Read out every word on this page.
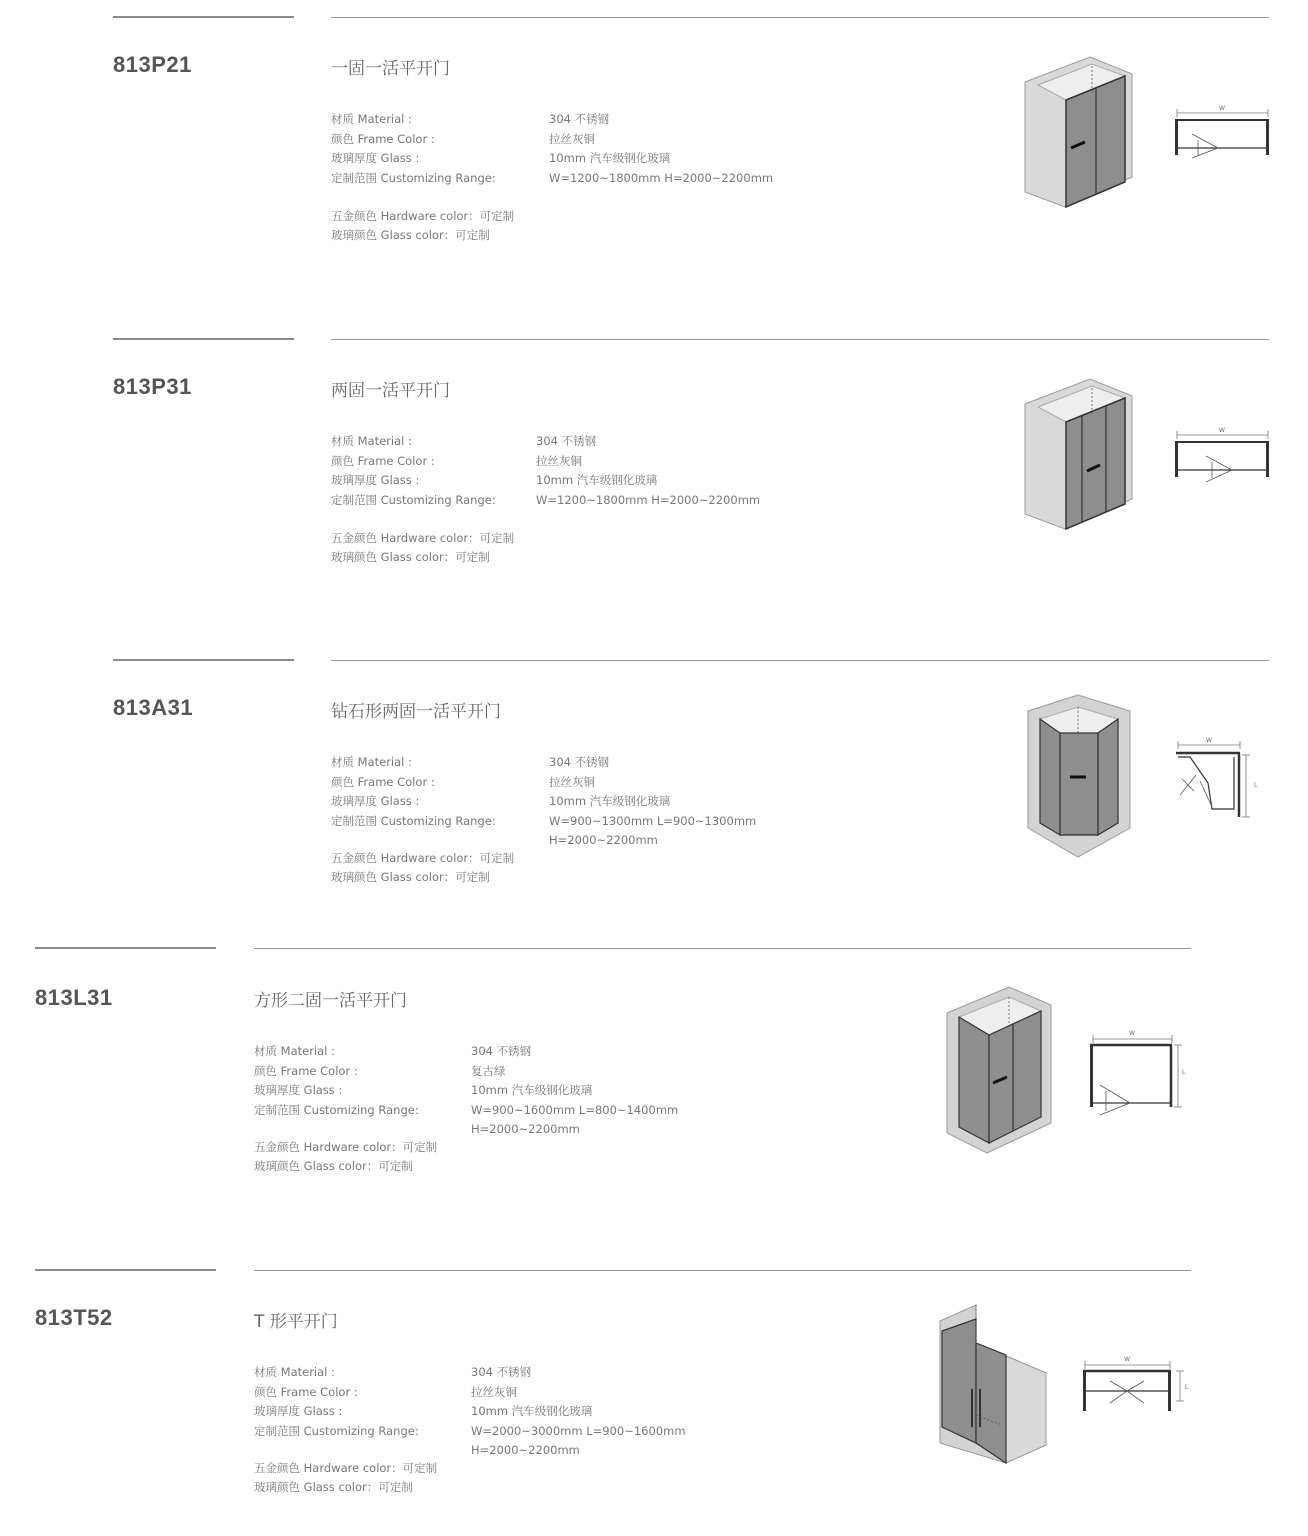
813P21	一固一活平开门
材质 Material :	304 不锈钢
颜色 Frame Color :	拉丝灰铜
玻璃厚度 Glass :	10mm 汽车级钢化玻璃
定制范围 Customizing Range:	W=1200~1800mm H=2000~2200mm
五金颜色 Hardware color：可定制
玻璃颜色 Glass color：可定制
W
813P31	两固一活平开门
材质 Material :	304 不锈钢
颜色 Frame Color :	拉丝灰铜
玻璃厚度 Glass :	10mm 汽车级钢化玻璃
定制范围 Customizing Range:	W=1200~1800mm H=2000~2200mm
五金颜色 Hardware color：可定制
玻璃颜色 Glass color：可定制
W
813A31	钻石形两固一活平开门
材质 Material :	304 不锈钢
颜色 Frame Color :	拉丝灰铜
玻璃厚度 Glass :	10mm 汽车级钢化玻璃
定制范围 Customizing Range:	W=900~1300mm L=900~1300mm
H=2000~2200mm
五金颜色 Hardware color：可定制
玻璃颜色 Glass color：可定制
W
L
813L31	方形二固一活平开门
材质 Material :	304 不锈钢
颜色 Frame Color :	复古绿
玻璃厚度 Glass :	10mm 汽车级钢化玻璃
定制范围 Customizing Range:	W=900~1600mm L=800~1400mm
H=2000~2200mm
五金颜色 Hardware color：可定制
玻璃颜色 Glass color：可定制
W
L
813T52	T 形平开门
材质 Material :	304 不锈钢
颜色 Frame Color :	拉丝灰铜
玻璃厚度 Glass :	10mm 汽车级钢化玻璃
定制范围 Customizing Range:	W=2000~3000mm L=900~1600mm
H=2000~2200mm
五金颜色 Hardware color：可定制
玻璃颜色 Glass color：可定制
W
L
